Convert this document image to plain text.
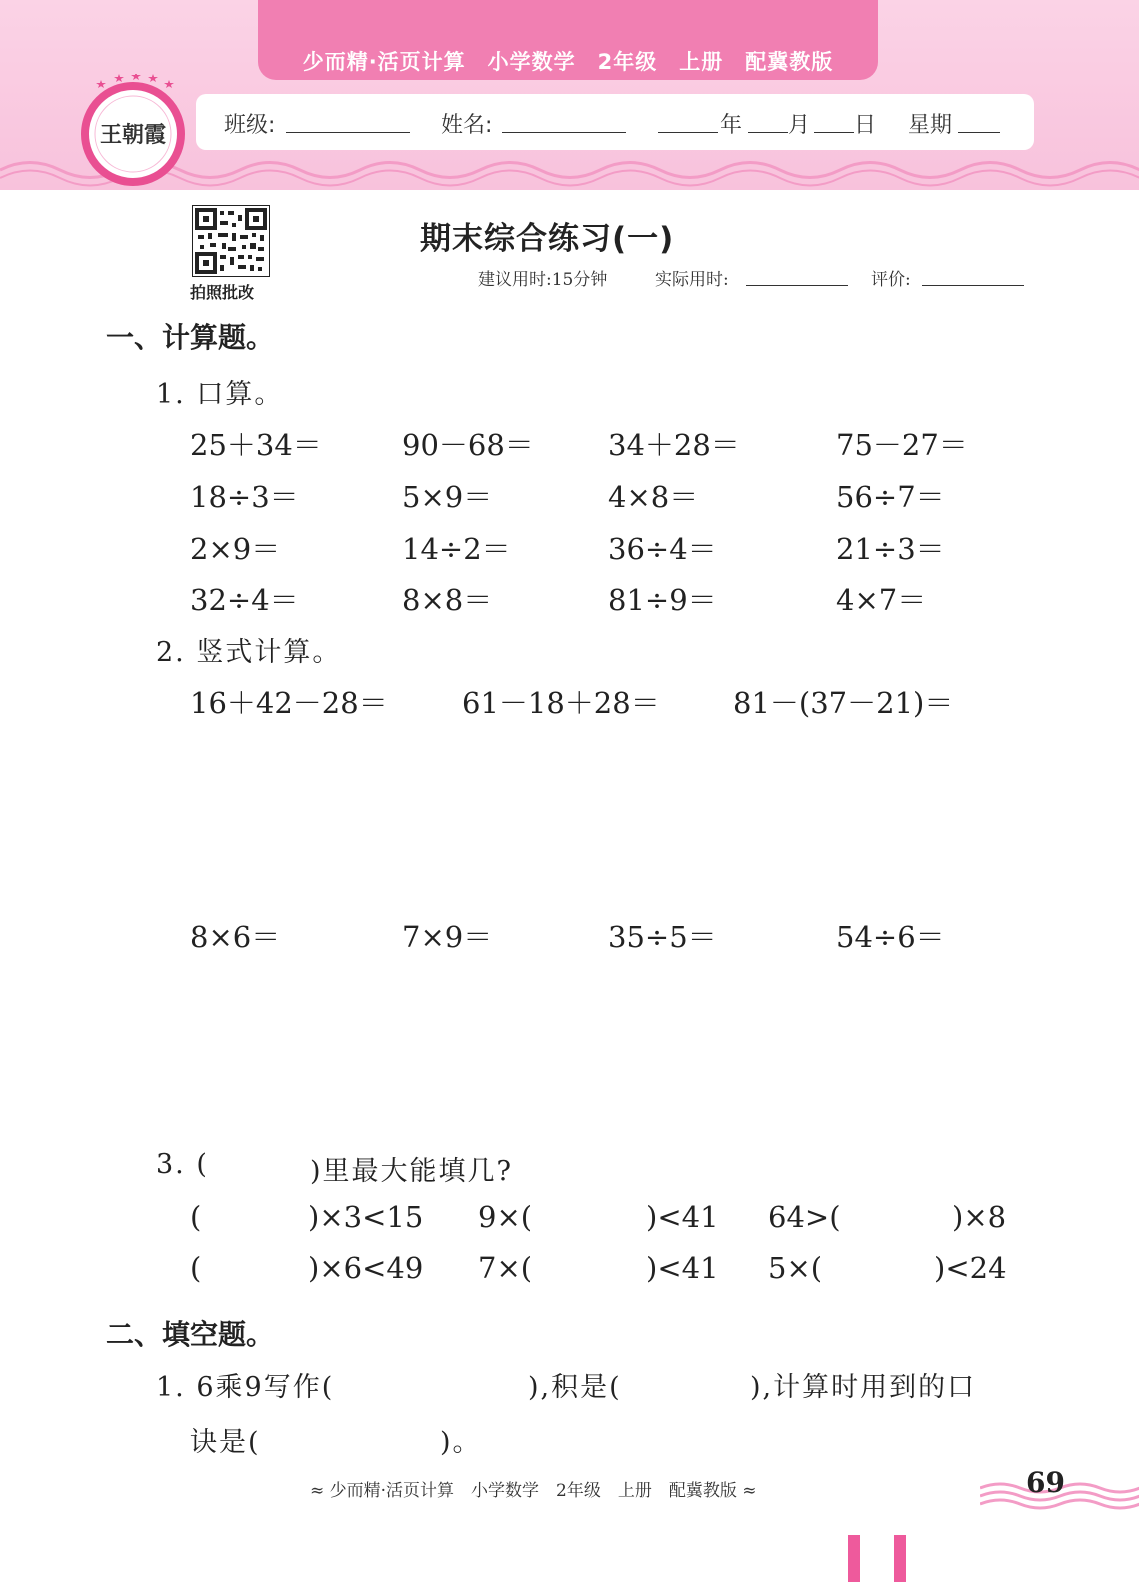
少而精·活页计算　小学数学　2年级　上册　配冀教版
王朝霞	班级:	姓名:	年 月 日 星期
拍照批改
期末综合练习(一)
建议用时:15分钟	实际用时:	评价:
一、计算题。
1. 口算。
25＋34＝	90－68＝	34＋28＝	75－27＝
18÷3＝	5×9＝	4×8＝	56÷7＝
2×9＝	14÷2＝	36÷4＝	21÷3＝
32÷4＝	8×8＝	81÷9＝	4×7＝
2. 竖式计算。
16＋42－28＝	61－18＋28＝	81－(37－21)＝
8×6＝	7×9＝	35÷5＝	54÷6＝
3. (	)里最大能填几?
(	)×3<15 9×(	)<41 64>(	)×8
(	)×6<49 7×(	)<41 5×(	)<24
二、填空题。
1. 6乘9写作(	),积是(	),计算时用到的口
诀是(	)。
≈ 少而精·活页计算　小学数学　2年级　上册　配冀教版 ≈	69
